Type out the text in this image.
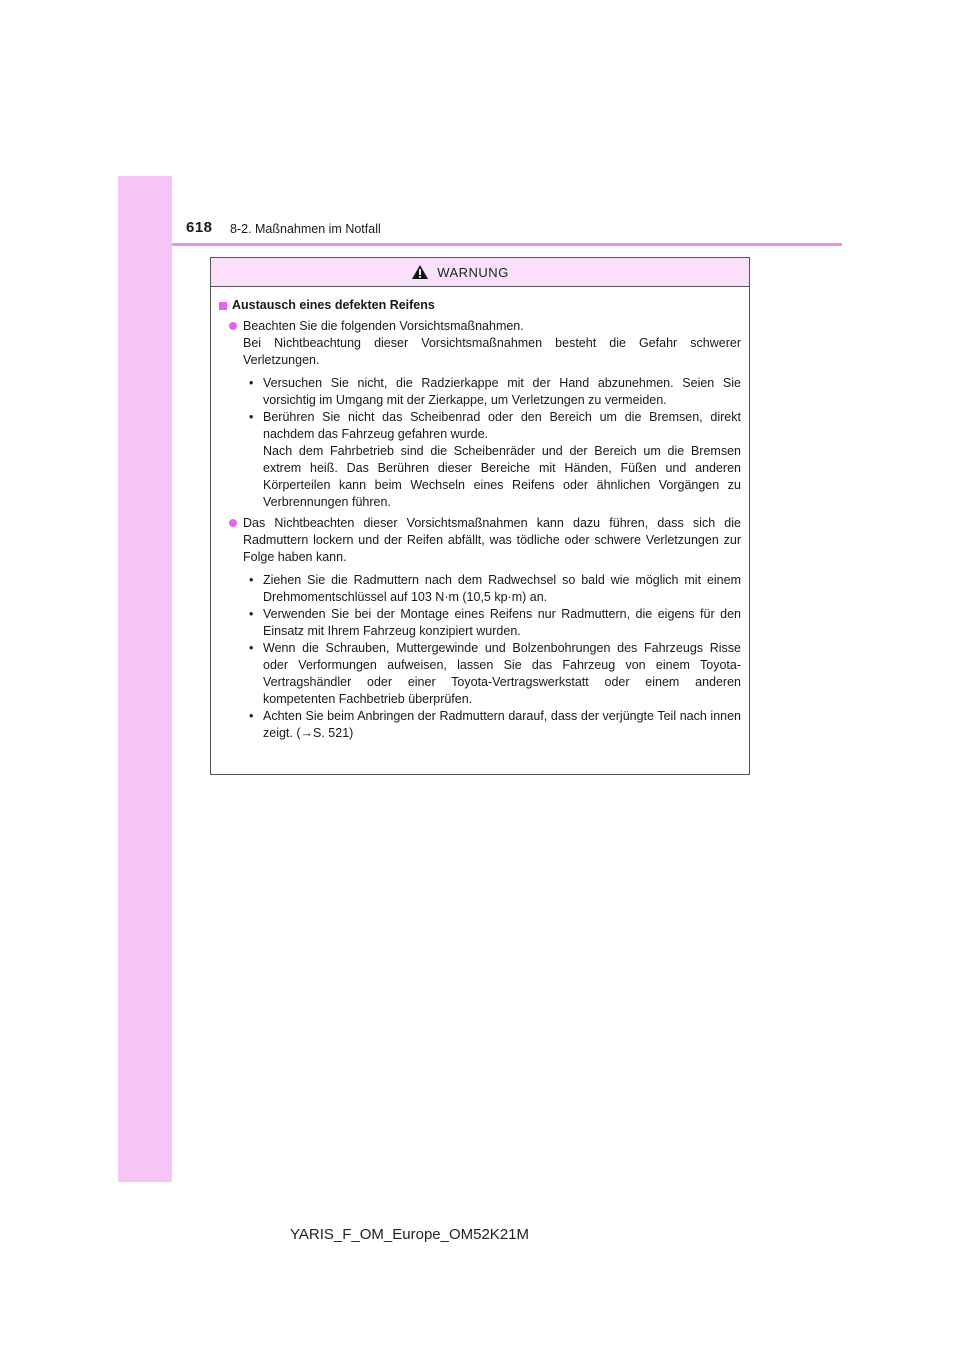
618 8-2. Maßnahmen im Notfall
WARNUNG
Austausch eines defekten Reifens
Beachten Sie die folgenden Vorsichtsmaßnahmen.
Bei Nichtbeachtung dieser Vorsichtsmaßnahmen besteht die Gefahr schwerer Verletzungen.
• Versuchen Sie nicht, die Radzierkappe mit der Hand abzunehmen. Seien Sie vorsichtig im Umgang mit der Zierkappe, um Verletzungen zu vermeiden.
• Berühren Sie nicht das Scheibenrad oder den Bereich um die Bremsen, direkt nachdem das Fahrzeug gefahren wurde.
Nach dem Fahrbetrieb sind die Scheibenräder und der Bereich um die Bremsen extrem heiß. Das Berühren dieser Bereiche mit Händen, Füßen und anderen Körperteilen kann beim Wechseln eines Reifens oder ähnlichen Vorgängen zu Verbrennungen führen.
Das Nichtbeachten dieser Vorsichtsmaßnahmen kann dazu führen, dass sich die Radmuttern lockern und der Reifen abfällt, was tödliche oder schwere Verletzungen zur Folge haben kann.
• Ziehen Sie die Radmuttern nach dem Radwechsel so bald wie möglich mit einem Drehmomentschlüssel auf 103 N·m (10,5 kp·m) an.
• Verwenden Sie bei der Montage eines Reifens nur Radmuttern, die eigens für den Einsatz mit Ihrem Fahrzeug konzipiert wurden.
• Wenn die Schrauben, Muttergewinde und Bolzenbohrungen des Fahrzeugs Risse oder Verformungen aufweisen, lassen Sie das Fahrzeug von einem Toyota-Vertragshändler oder einer Toyota-Vertragswerkstatt oder einem anderen kompetenten Fachbetrieb überprüfen.
• Achten Sie beim Anbringen der Radmuttern darauf, dass der verjüngte Teil nach innen zeigt. (→S. 521)
YARIS_F_OM_Europe_OM52K21M
